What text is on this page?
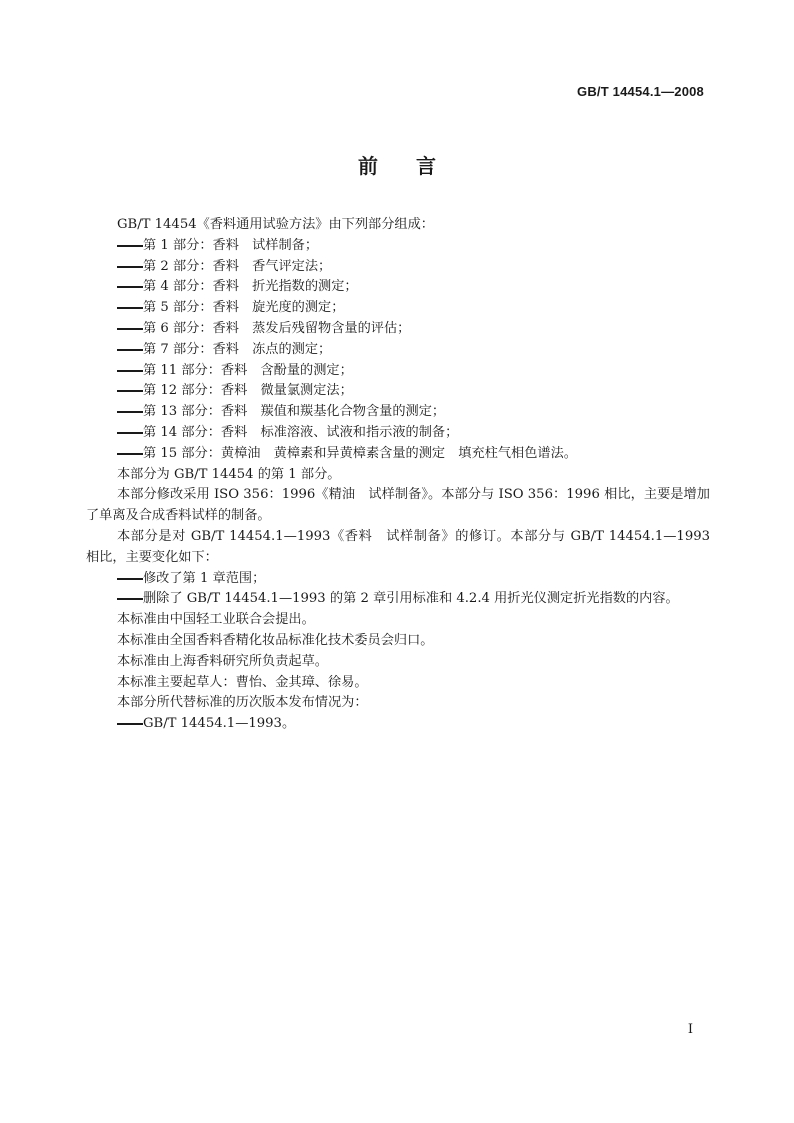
GB/T 14454.1—2008
前言

GB/T 14454《香料通用试验方法》由下列部分组成：

第 1 部分：香料　试样制备；

第 2 部分：香料　香气评定法；

第 4 部分：香料　折光指数的测定；

第 5 部分：香料　旋光度的测定；

第 6 部分：香料　蒸发后残留物含量的评估；

第 7 部分：香料　冻点的测定；

第 11 部分：香料　含酚量的测定；

第 12 部分：香料　微量氯测定法；

第 13 部分：香料　羰值和羰基化合物含量的测定；

第 14 部分：香料　标准溶液、试液和指示液的制备；

第 15 部分：黄樟油　黄樟素和异黄樟素含量的测定　填充柱气相色谱法。

本部分为 GB/T 14454 的第 1 部分。

本部分修改采用 ISO 356：1996《精油　试样制备》。本部分与 ISO 356：1996 相比，主要是增加了单离及合成香料试样的制备。

本部分是对 GB/T 14454.1—1993《香料　试样制备》的修订。本部分与 GB/T 14454.1—1993 相比，主要变化如下：

修改了第 1 章范围；

删除了 GB/T 14454.1—1993 的第 2 章引用标准和 4.2.4 用折光仪测定折光指数的内容。

本标准由中国轻工业联合会提出。

本标准由全国香料香精化妆品标准化技术委员会归口。

本标准由上海香料研究所负责起草。

本标准主要起草人：曹怡、金其璋、徐易。

本部分所代替标准的历次版本发布情况为：

GB/T 14454.1—1993。

I
